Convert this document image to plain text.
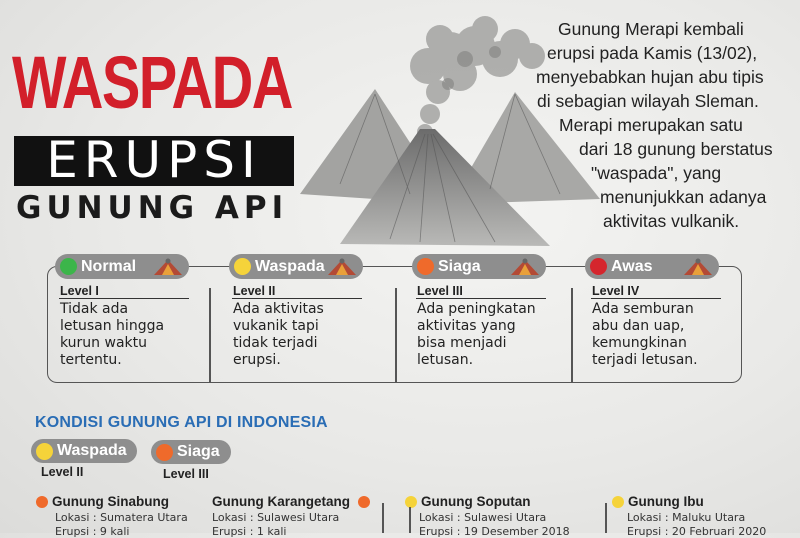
WASPADA
ERUPSI
GUNUNG API
Gunung Merapi kembali
erupsi pada Kamis (13/02),
menyebabkan hujan abu tipis
di sebagian wilayah Sleman.
Merapi merupakan satu
dari 18 gunung berstatus
"waspada", yang
menunjukkan adanya
aktivitas vulkanik.
Normal
Level I
Tidak ada
letusan hingga
kurun waktu
tertentu.
Waspada
Level II
Ada aktivitas
vukanik tapi
tidak terjadi
erupsi.
Siaga
Level III
Ada peningkatan
aktivitas yang
bisa menjadi
letusan.
Awas
Level IV
Ada semburan
abu dan uap,
kemungkinan
terjadi letusan.
KONDISI GUNUNG API DI INDONESIA
Waspada
Level II
Siaga
Level III
Gunung Sinabung
Lokasi : Sumatera Utara
Erupsi : 9 kali
Gunung Karangetang
Lokasi : Sulawesi Utara
Erupsi : 1 kali
Gunung Soputan
Lokasi : Sulawesi Utara
Erupsi : 19 Desember 2018
Gunung Ibu
Lokasi : Maluku Utara
Erupsi : 20 Februari 2020
